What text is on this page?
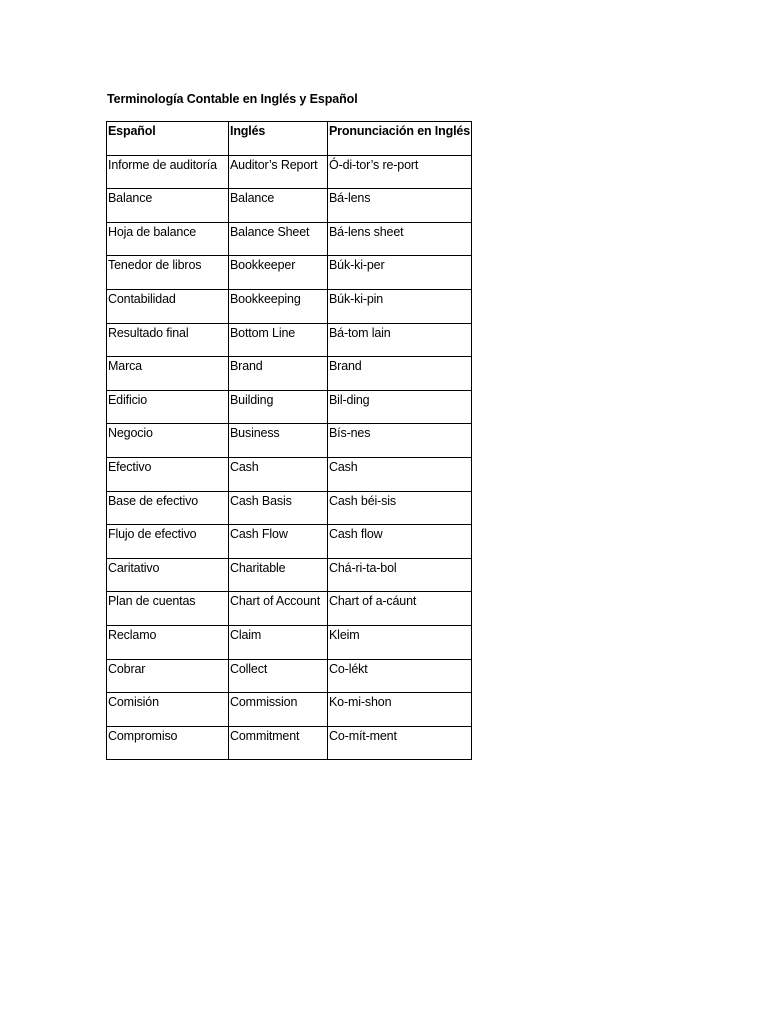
Terminología Contable en Inglés y Español
Español	Inglés	Pronunciación en Inglés
Informe de auditoría	Auditor’s Report	Ó-di-tor’s re-port
Balance	Balance	Bá-lens
Hoja de balance	Balance Sheet	Bá-lens sheet
Tenedor de libros	Bookkeeper	Búk-ki-per
Contabilidad	Bookkeeping	Búk-ki-pin
Resultado final	Bottom Line	Bá-tom lain
Marca	Brand	Brand
Edificio	Building	Bil-ding
Negocio	Business	Bís-nes
Efectivo	Cash	Cash
Base de efectivo	Cash Basis	Cash béi-sis
Flujo de efectivo	Cash Flow	Cash flow
Caritativo	Charitable	Chá-ri-ta-bol
Plan de cuentas	Chart of Account	Chart of a-cáunt
Reclamo	Claim	Kleim
Cobrar	Collect	Co-lékt
Comisión	Commission	Ko-mi-shon
Compromiso	Commitment	Co-mít-ment
